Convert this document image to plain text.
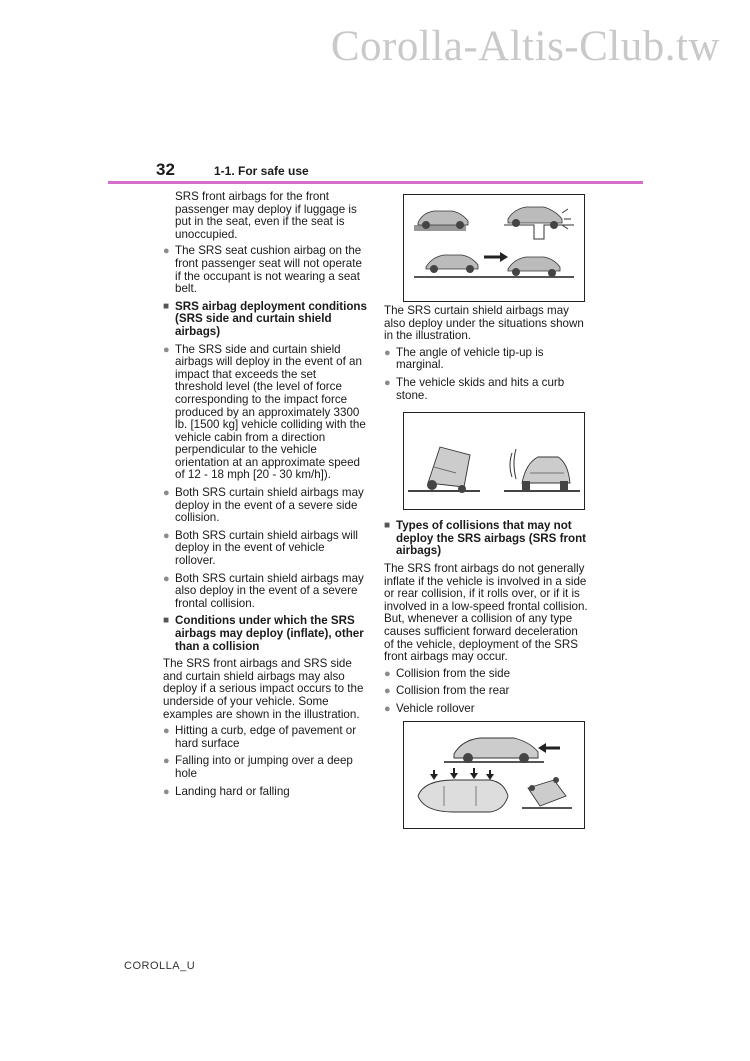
Corolla-Altis-Club.tw
32	1-1. For safe use

SRS front airbags for the front passenger may deploy if luggage is put in the seat, even if the seat is unoccupied.

● The SRS seat cushion airbag on the front passenger seat will not operate if the occupant is not wearing a seat belt.
■ SRS airbag deployment conditions (SRS side and curtain shield airbags)
● The SRS side and curtain shield airbags will deploy in the event of an impact that exceeds the set threshold level (the level of force corresponding to the impact force produced by an approximately 3300 lb. [1500 kg] vehicle colliding with the vehicle cabin from a direction perpendicular to the vehicle orientation at an approximate speed of 12 - 18 mph [20 - 30 km/h]).
● Both SRS curtain shield airbags may deploy in the event of a severe side collision.
● Both SRS curtain shield airbags will deploy in the event of vehicle rollover.
● Both SRS curtain shield airbags may also deploy in the event of a severe frontal collision.
■ Conditions under which the SRS airbags may deploy (inflate), other than a collision

The SRS front airbags and SRS side and curtain shield airbags may also deploy if a serious impact occurs to the underside of your vehicle. Some examples are shown in the illustration.

● Hitting a curb, edge of pavement or hard surface
● Falling into or jumping over a deep hole
● Landing hard or falling

The SRS curtain shield airbags may also deploy under the situations shown in the illustration.

● The angle of vehicle tip-up is marginal.
● The vehicle skids and hits a curb stone.
■ Types of collisions that may not deploy the SRS airbags (SRS front airbags)

The SRS front airbags do not generally inflate if the vehicle is involved in a side or rear collision, if it rolls over, or if it is involved in a low-speed frontal collision. But, whenever a collision of any type causes sufficient forward deceleration of the vehicle, deployment of the SRS front airbags may occur.

● Collision from the side
● Collision from the rear
● Vehicle rollover
COROLLA_U
